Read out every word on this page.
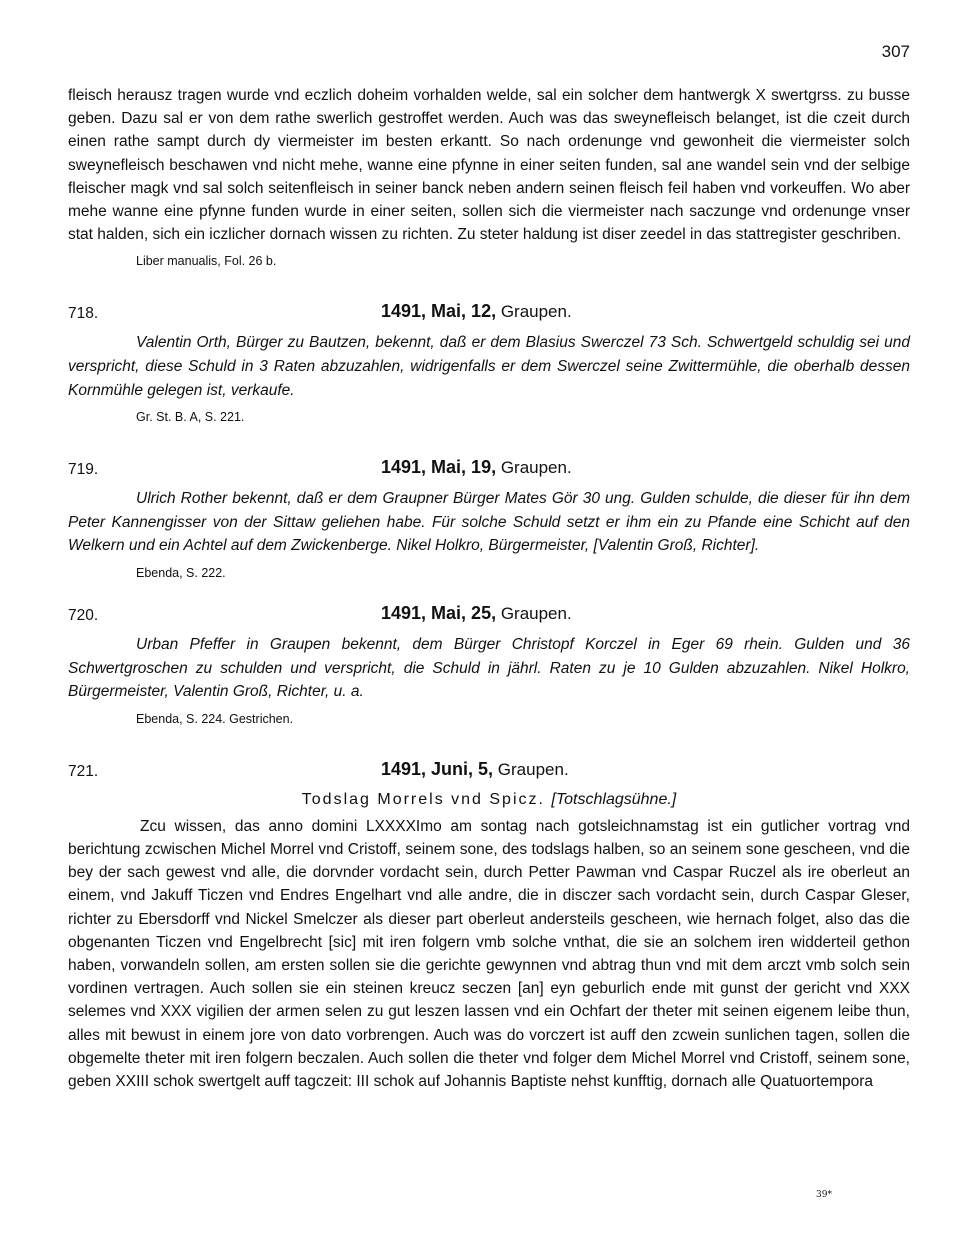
307

fleisch herausz tragen wurde vnd eczlich doheim vorhalden welde, sal ein solcher dem hantwergk X swertgrss. zu busse geben. Dazu sal er von dem rathe swerlich gestroffet werden. Auch was das sweynefleisch belanget, ist die czeit durch einen rathe sampt durch dy viermeister im besten erkantt. So nach ordenunge vnd gewonheit die viermeister solch sweynefleisch beschawen vnd nicht mehe, wanne eine pfynne in einer seiten funden, sal ane wandel sein vnd der selbige fleischer magk vnd sal solch seitenfleisch in seiner banck neben andern seinen fleisch feil haben vnd vorkeuffen. Wo aber mehe wanne eine pfynne funden wurde in einer seiten, sollen sich die viermeister nach saczunge vnd ordenunge vnser stat halden, sich ein iczlicher dornach wissen zu richten. Zu steter haldung ist diser zeedel in das stattregister geschriben.

Liber manualis, Fol. 26 b.
718.	1491, Mai, 12, Graupen.

Valentin Orth, Bürger zu Bautzen, bekennt, daß er dem Blasius Swerczel 73 Sch. Schwertgeld schuldig sei und verspricht, diese Schuld in 3 Raten abzuzahlen, widrigenfalls er dem Swerczel seine Zwittermühle, die oberhalb dessen Kornmühle gelegen ist, verkaufe.

Gr. St. B. A, S. 221.
719.	1491, Mai, 19, Graupen.

Ulrich Rother bekennt, daß er dem Graupner Bürger Mates Gör 30 ung. Gulden schulde, die dieser für ihn dem Peter Kannengisser von der Sittaw geliehen habe. Für solche Schuld setzt er ihm ein zu Pfande eine Schicht auf den Welkern und ein Achtel auf dem Zwickenberge. Nikel Holkro, Bürgermeister, [Valentin Groß, Richter].

Ebenda, S. 222.
720.	1491, Mai, 25, Graupen.

Urban Pfeffer in Graupen bekennt, dem Bürger Christopf Korczel in Eger 69 rhein. Gulden und 36 Schwertgroschen zu schulden und verspricht, die Schuld in jährl. Raten zu je 10 Gulden abzuzahlen. Nikel Holkro, Bürgermeister, Valentin Groß, Richter, u. a.

Ebenda, S. 224. Gestrichen.
721.	1491, Juni, 5, Graupen.
Todslag Morrels vnd Spicz. [Totschlagsühne.]

Zcu wissen, das anno domini LXXXXImo am sontag nach gotsleichnamstag ist ein gutlicher vortrag vnd berichtung zcwischen Michel Morrel vnd Cristoff, seinem sone, des todslags halben, so an seinem sone gescheen, vnd die bey der sach gewest vnd alle, die dorvnder vordacht sein, durch Petter Pawman vnd Caspar Ruczel als ire oberleut an einem, vnd Jakuff Ticzen vnd Endres Engelhart vnd alle andre, die in disczer sach vordacht sein, durch Caspar Gleser, richter zu Ebersdorff vnd Nickel Smelczer als dieser part oberleut andersteils gescheen, wie hernach folget, also das die obgenanten Ticzen vnd Engelbrecht [sic] mit iren folgern vmb solche vnthat, die sie an solchem iren widderteil gethon haben, vorwandeln sollen, am ersten sollen sie die gerichte gewynnen vnd abtrag thun vnd mit dem arczt vmb solch sein vordinen vertragen. Auch sollen sie ein steinen kreucz seczen [an] eyn geburlich ende mit gunst der gericht vnd XXX selemes vnd XXX vigilien der armen selen zu gut leszen lassen vnd ein Ochfart der theter mit seinen eigenem leibe thun, alles mit bewust in einem jore von dato vorbrengen. Auch was do vorczert ist auff den zcwein sunlichen tagen, sollen die obgemelte theter mit iren folgern beczalen. Auch sollen die theter vnd folger dem Michel Morrel vnd Cristoff, seinem sone, geben XXIII schok swertgelt auff tagczeit: III schok auf Johannis Baptiste nehst kunfftig, dornach alle Quatuortempora

39*
